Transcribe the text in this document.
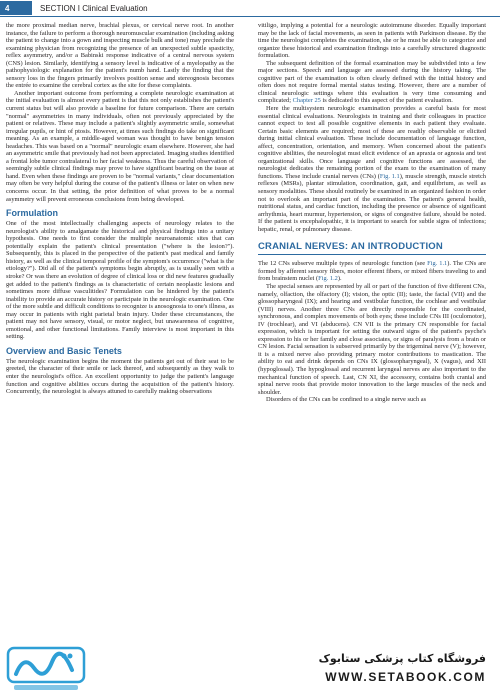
4	SECTION I Clinical Evaluation

the more proximal median nerve, brachial plexus, or cervical nerve root. In another instance, the failure to perform a thorough neuromuscular examination (including asking the patient to change into a gown and inspecting muscle bulk and tone) may preclude the examining physician from recognizing the presence of an unexpected subtle spasticity, reflex asymmetry, and/or a Babinski response indicative of a central nervous system (CNS) lesion. Similarly, identifying a sensory level is indicative of a myelopathy as the pathophysiologic explanation for the patient's numb hand. Lastly the finding that the sensory loss in the fingers primarily involves position sense and stereognosis becomes the entrée to examine the cerebral cortex as the site for these complaints.

Another important outcome from performing a complete neurologic examination at the initial evaluation is almost every patient is that this not only establishes the patient's current status but will also provide a baseline for future comparison. There are certain "normal" asymmetries in many individuals, often not previously appreciated by the patient or relatives. These may include a patient's slightly asymmetric smile, somewhat irregular pupils, or hint of ptosis. However, at times such findings do take on significant meaning. As an example, a middle-aged woman was thought to have benign tension headaches. This was based on a "normal" neurologic exam elsewhere. However, she had an asymmetric smile that previously had not been appreciated. Imaging studies identified a frontal lobe tumor contralateral to her facial weakness. Thus the careful observation of seemingly subtle clinical findings may prove to have significant bearing on the issue at hand. Even when these findings are proven to be "normal variants," clear documentation may often be very helpful during the course of the patient's illness or later on when new concerns occur. In that setting, the prior definition of what proves to be a normal asymmetry will prevent erroneous conclusions from being developed.

Formulation

One of the most intellectually challenging aspects of neurology relates to the neurologist's ability to amalgamate the historical and physical findings into a unitary hypothesis. One needs to first consider the multiple neuroanatomic sites that can potentially explain the patient's clinical presentation ("where is the lesion?"). Subsequently, this is placed in the perspective of the patient's past medical and family history, as well as the clinical temporal profile of the symptom's occurrence ("what is the etiology?"). Did all of the patient's symptoms begin abruptly, as is usually seen with a stroke? Or was there an evolution of degree of clinical loss or did new features gradually get added to the patient's findings as is characteristic of certain neoplastic lesions and sometimes more diffuse vasculitides? Formulation can be hindered by the patient's inability to provide an accurate history or participate in the neurologic examination. One of the more subtle and difficult conditions to recognize is anosognosia to one's illness, as may occur in patients with right parietal brain injury. Under these circumstances, the patient may not have sensory, visual, or motor neglect, but unawareness of cognitive, emotional, and other functional limitations. Family interview is most important in this setting.

Overview and Basic Tenets

The neurologic examination begins the moment the patients get out of their seat to be greeted, the character of their smile or lack thereof, and subsequently as they walk to enter the neurologist's office. An excellent opportunity to judge the patient's language function and cognitive abilities occurs during the acquisition of the patient's history. Concurrently, the neurologist is always attuned to carefully making observations

vitiligo, implying a potential for a neurologic autoimmune disorder. Equally important may be the lack of facial movements, as seen in patients with Parkinson disease. By the time the neurologist completes the examination, she or he must be able to categorize and organize these historical and examination findings into a carefully structured diagnostic formulation.

The subsequent definition of the formal examination may be subdivided into a few major sections. Speech and language are assessed during the history taking. The cognitive part of the examination is often clearly defined with the initial history and often does not require formal mental status testing. However, there are a number of clinical neurologic settings where this evaluation is very time consuming and complicated; Chapter 25 is dedicated to this aspect of the patient evaluation.

Here the multisystem neurologic examination provides a careful basis for most essential clinical evaluations. Neurologists in training and their colleagues in practice cannot expect to test all possible cognitive elements in each patient they evaluate. Certain basic elements are required; most of these are readily observable or elicited during initial clinical evaluation. These include documentation of language function, affect, concentration, orientation, and memory. When concerned about the patient's cognitive abilities, the neurologist must elicit evidence of an apraxia or agnosia and test organizational skills. Once language and cognitive functions are assessed, the neurologist dedicates the remaining portion of the exam to the examination of many functions. These include cranial nerves (CNs) (Fig. 1.1), muscle strength, muscle stretch reflexes (MSRs), plantar stimulation, coordination, gait, and equilibrium, as well as sensory modalities. These should routinely be examined in an organized fashion in order not to overlook an important part of the examination. The patient's general health, nutritional status, and cardiac function, including the presence or absence of significant arrhythmia, heart murmur, hypertension, or signs of congestive failure, should be noted. If the patient is encephalopathic, it is important to search for subtle signs of infections; hepatic, renal, or pulmonary disease.

CRANIAL NERVES: AN INTRODUCTION

The 12 CNs subserve multiple types of neurologic function (see Fig. 1.1). The CNs are formed by afferent sensory fibers, motor efferent fibers, or mixed fibers traveling to and from brainstem nuclei (Fig. 1.2).

The special senses are represented by all or part of the function of five different CNs, namely, olfaction, the olfactory (I); vision, the optic (II); taste, the facial (VII) and the glossopharyngeal (IX); and hearing and vestibular function, the cochlear and vestibular (VIII) nerves. Another three CNs are directly responsible for the coordinated, synchronous, and complex movements of both eyes; these include CNs III (oculomotor), IV (trochlear), and VI (abducens). CN VII is the primary CN responsible for facial expression, which is important for setting the outward signs of the patient's psyche's expression to his or her family and close associates, or signs of paralysis from a brain or CN lesion. Facial sensation is subserved primarily by the trigeminal nerve (V); however, it is a mixed nerve also providing primary motor contributions to mastication. The ability to eat and drink depends on CNs IX (glossopharyngeal), X (vagus), and XII (hypoglossal). The hypoglossal and recurrent laryngeal nerves are also important to the mechanical function of speech. Last, CN XI, the accessory, contains both cranial and spinal nerve roots that provide motor innovation to the large muscles of the neck and shoulder.

Disorders of the CNs can be confined to a single nerve such as

فروشگاه کتاب پزشکی ستابوک
WWW.SETABOOK.COM
